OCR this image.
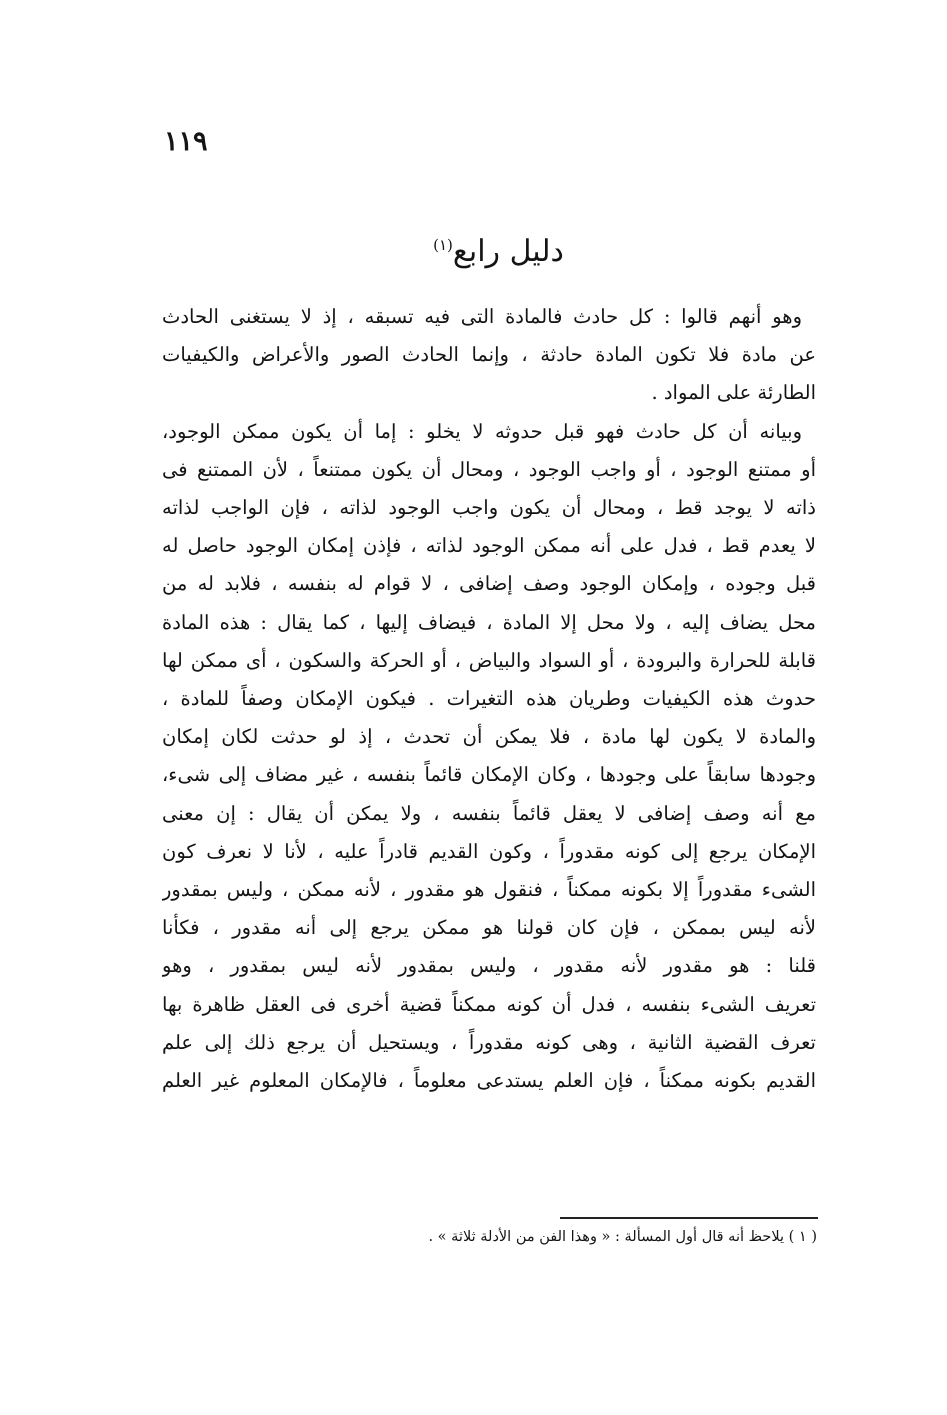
١١٩
دليل رابع$^{(١)}$
وهو أنهم قالوا : كل حادث فالمادة التى فيه تسبقه ، إذ لا يستغنى الحادث
عن مادة فلا تكون المادة حادثة ، وإنما الحادث الصور والأعراض والكيفيات
الطارئة على المواد .
وبيانه أن كل حادث فهو قبل حدوثه لا يخلو : إما أن يكون ممكن الوجود،
أو ممتنع الوجود ، أو واجب الوجود ، ومحال أن يكون ممتنعاً ، لأن الممتنع فى
ذاته لا يوجد قط ، ومحال أن يكون واجب الوجود لذاته ، فإن الواجب لذاته
لا يعدم قط ، فدل على أنه ممكن الوجود لذاته ، فإذن إمكان الوجود حاصل له
قبل وجوده ، وإمكان الوجود وصف إضافى ، لا قوام له بنفسه ، فلابد له من
محل يضاف إليه ، ولا محل إلا المادة ، فيضاف إليها ، كما يقال : هذه المادة
قابلة للحرارة والبرودة ، أو السواد والبياض ، أو الحركة والسكون ، أى ممكن لها
حدوث هذه الكيفيات وطريان هذه التغيرات . فيكون الإمكان وصفاً للمادة ،
والمادة لا يكون لها مادة ، فلا يمكن أن تحدث ، إذ لو حدثت لكان إمكان
وجودها سابقاً على وجودها ، وكان الإمكان قائماً بنفسه ، غير مضاف إلى شىء،
مع أنه وصف إضافى لا يعقل قائماً بنفسه ، ولا يمكن أن يقال : إن معنى
الإمكان يرجع إلى كونه مقدوراً ، وكون القديم قادراً عليه ، لأنا لا نعرف كون
الشىء مقدوراً إلا بكونه ممكناً ، فنقول هو مقدور ، لأنه ممكن ، وليس بمقدور
لأنه ليس بممكن ، فإن كان قولنا هو ممكن يرجع إلى أنه مقدور ، فكأنا
قلنا : هو مقدور لأنه مقدور ، وليس بمقدور لأنه ليس بمقدور ، وهو
تعريف الشىء بنفسه ، فدل أن كونه ممكناً قضية أخرى فى العقل ظاهرة بها
تعرف القضية الثانية ، وهى كونه مقدوراً ، ويستحيل أن يرجع ذلك إلى علم
القديم بكونه ممكناً ، فإن العلم يستدعى معلوماً ، فالإمكان المعلوم غير العلم
( ١ ) يلاحظ أنه قال أول المسألة : « وهذا الفن من الأدلة ثلاثة » .
